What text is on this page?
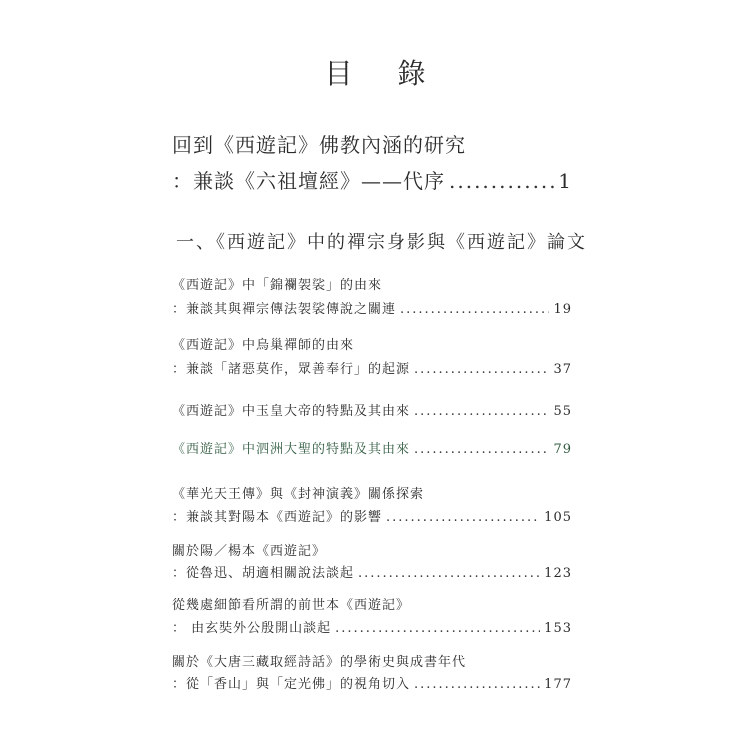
目 錄
回到《西遊記》佛教內涵的研究
：兼談《六祖壇經》——代序 .....	1
一、《西遊記》中的禪宗身影與《西遊記》論文
《西遊記》中「錦襴袈裟」的由來
：兼談其與禪宗傳法袈裟傳說之關連 .....	19
《西遊記》中烏巢禪師的由來
：兼談「諸惡莫作，眾善奉行」的起源 .....	37
《西遊記》中玉皇大帝的特點及其由來 .....	55
《西遊記》中泗洲大聖的特點及其由來 .....	79
《華光天王傳》與《封神演義》關係探索
：兼談其對陽本《西遊記》的影響 .....	105
關於陽／楊本《西遊記》
：從魯迅、胡適相關說法談起 .....	123
從幾處細節看所謂的前世本《西遊記》
： 由玄奘外公殷開山談起 .....	153
關於《大唐三藏取經詩話》的學術史與成書年代
：從「香山」與「定光佛」的視角切入 .....	177
